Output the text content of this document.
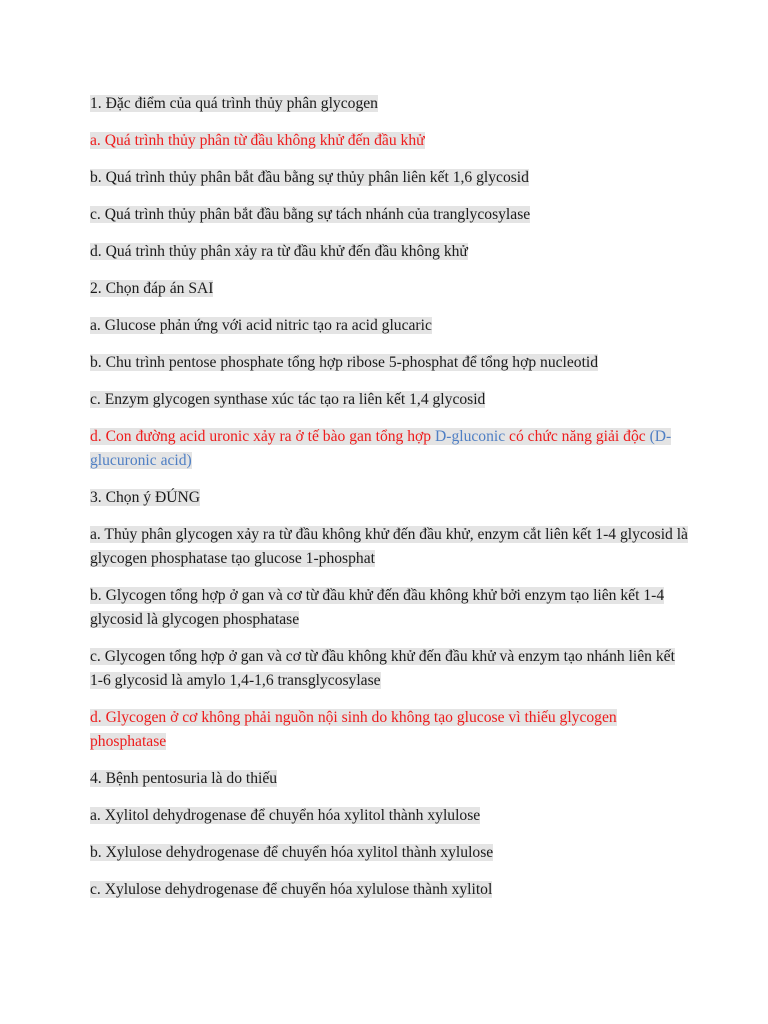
1. Đặc điểm của quá trình thủy phân glycogen

a. Quá trình thủy phân từ đầu không khử đến đầu khử

b. Quá trình thủy phân bắt đầu bằng sự thủy phân liên kết 1,6 glycosid

c. Quá trình thủy phân bắt đầu bằng sự tách nhánh của tranglycosylase

d. Quá trình thủy phân xảy ra từ đầu khử đến đầu không khử

2. Chọn đáp án SAI

a. Glucose phản ứng với acid nitric tạo ra acid glucaric

b. Chu trình pentose phosphate tổng hợp ribose 5-phosphat để tổng hợp nucleotid

c. Enzym glycogen synthase xúc tác tạo ra liên kết 1,4 glycosid

d. Con đường acid uronic xảy ra ở tế bào gan tổng hợp D-gluconic có chức năng giải độc (D-glucuronic acid)

3. Chọn ý ĐÚNG

a. Thủy phân glycogen xảy ra từ đầu không khử đến đầu khử, enzym cắt liên kết 1-4 glycosid là glycogen phosphatase tạo glucose 1-phosphat

b. Glycogen tổng hợp ở gan và cơ từ đầu khử đến đầu không khử bởi enzym tạo liên kết 1-4 glycosid là glycogen phosphatase

c. Glycogen tổng hợp ở gan và cơ từ đầu không khử đến đầu khử và enzym tạo nhánh liên kết 1-6 glycosid là amylo 1,4-1,6 transglycosylase

d. Glycogen ở cơ không phải nguồn nội sinh do không tạo glucose vì thiếu glycogen phosphatase

4. Bệnh pentosuria là do thiếu

a. Xylitol dehydrogenase để chuyển hóa xylitol thành xylulose

b. Xylulose dehydrogenase để chuyển hóa xylitol thành xylulose

c. Xylulose dehydrogenase để chuyển hóa xylulose thành xylitol
